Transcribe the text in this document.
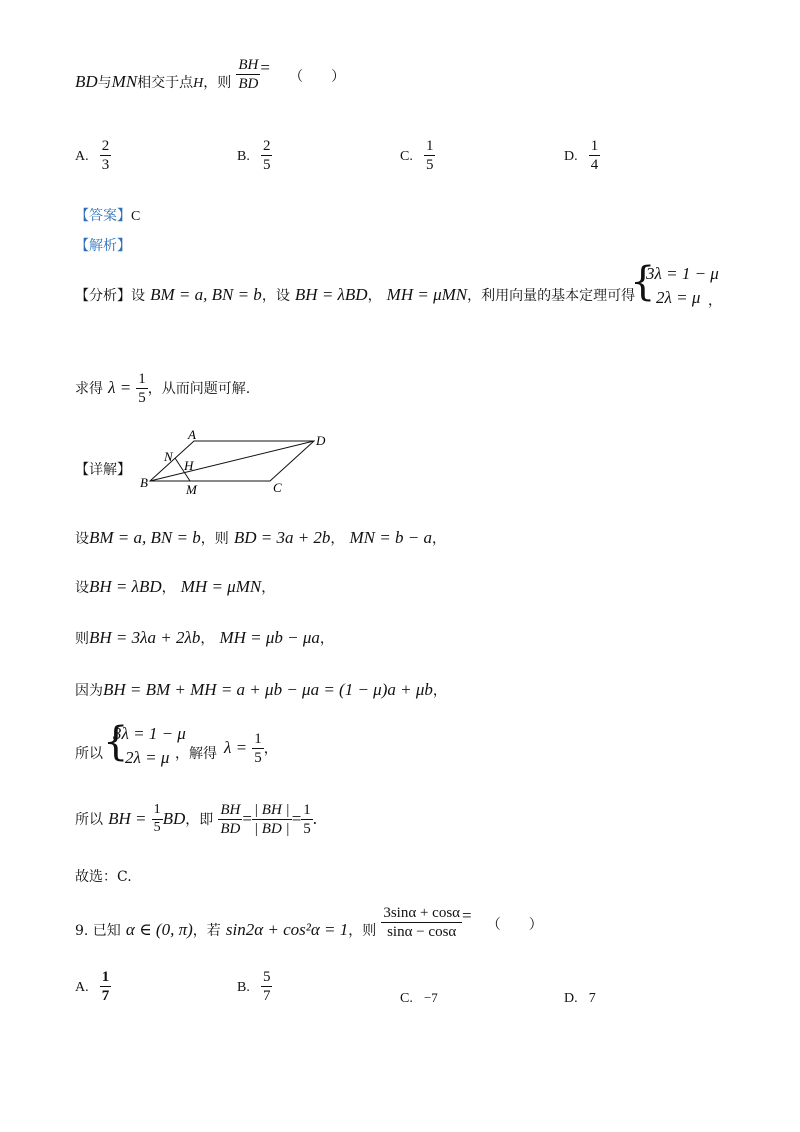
BD与MN相交于点H，则 $\frac{BH}{BD}$ = （　　）
A. $\frac{2}{3}$	B. $\frac{2}{5}$	C. $\frac{1}{5}$	D. $\frac{1}{4}$
【答案】C
【解析】
【分析】设 BM = a, BN = b，设 BH = λBD， MH = μMN，利用向量的基本定理可得
{
3λ = 1 − μ
2λ = μ ，
求得 $\lambda = \frac{1}{5}$ ，从而问题可解.
【详解】
A	D
B	C
N
H
M
设BM = a, BN = b，则 BD = 3a + 2b， MN = b − a，
设BH = λBD， MH = μMN，
则BH = 3λa + 2λb， MH = μb − μa，
因为BH = BM + MH = a + μb − μa = (1 − μ)a + μb，
所以 {
3λ = 1 − μ
2λ = μ ，解得 $\lambda = \frac{1}{5}$ ，
所以 BH = $\frac{1}{5}$ BD，即 $\frac{BH}{BD} = \frac{| BH |}{| BD |} = \frac{1}{5}$ .
故选：C.
9. 已知 α ∈ (0, π)，若 sin2α + cos²α = 1，则 $\frac{3\sin\alpha + \cos\alpha}{\sin\alpha - \cos\alpha}$ = （　　）
A. $\frac{1}{7}$	B. $\frac{5}{7}$	C. −7	D. 7
